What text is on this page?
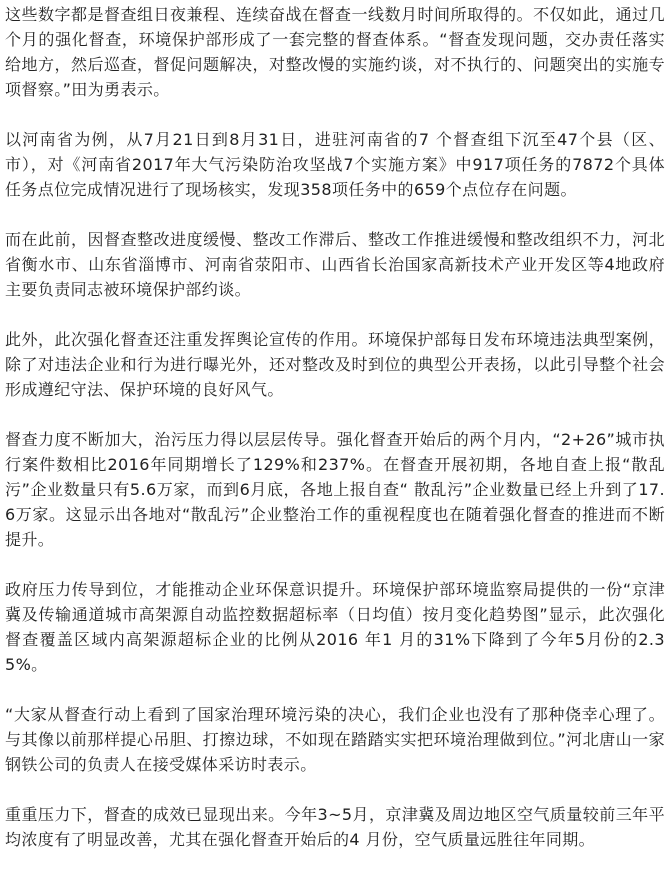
这些数字都是督查组日夜兼程、连续奋战在督查一线数月时间所取得的。不仅如此，通过几个月的强化督查，环境保护部形成了一套完整的督查体系。“督查发现问题，交办责任落实给地方，然后巡查，督促问题解决，对整改慢的实施约谈，对不执行的、问题突出的实施专项督察。”田为勇表示。

以河南省为例，从7月21日到8月31日，进驻河南省的7 个督查组下沉至47个县（区、市），对《河南省2017年大气污染防治攻坚战7个实施方案》中917项任务的7872个具体任务点位完成情况进行了现场核实，发现358项任务中的659个点位存在问题。

而在此前，因督查整改进度缓慢、整改工作滞后、整改工作推进缓慢和整改组织不力，河北省衡水市、山东省淄博市、河南省荥阳市、山西省长治国家高新技术产业开发区等4地政府主要负责同志被环境保护部约谈。

此外，此次强化督查还注重发挥舆论宣传的作用。环境保护部每日发布环境违法典型案例，除了对违法企业和行为进行曝光外，还对整改及时到位的典型公开表扬，以此引导整个社会形成遵纪守法、保护环境的良好风气。

督查力度不断加大，治污压力得以层层传导。强化督查开始后的两个月内，“2+26”城市执行案件数相比2016年同期增长了129%和237%。在督查开展初期，各地自查上报“散乱污”企业数量只有5.6万家，而到6月底，各地上报自查“ 散乱污”企业数量已经上升到了17.6万家。这显示出各地对“散乱污”企业整治工作的重视程度也在随着强化督查的推进而不断提升。

政府压力传导到位，才能推动企业环保意识提升。环境保护部环境监察局提供的一份“京津冀及传输通道城市高架源自动监控数据超标率（日均值）按月变化趋势图”显示，此次强化督查覆盖区域内高架源超标企业的比例从2016 年1 月的31%下降到了今年5月份的2.35%。

“大家从督查行动上看到了国家治理环境污染的决心，我们企业也没有了那种侥幸心理了。与其像以前那样提心吊胆、打擦边球，不如现在踏踏实实把环境治理做到位。”河北唐山一家钢铁公司的负责人在接受媒体采访时表示。

重重压力下，督查的成效已显现出来。今年3~5月，京津冀及周边地区空气质量较前三年平均浓度有了明显改善，尤其在强化督查开始后的4 月份，空气质量远胜往年同期。
